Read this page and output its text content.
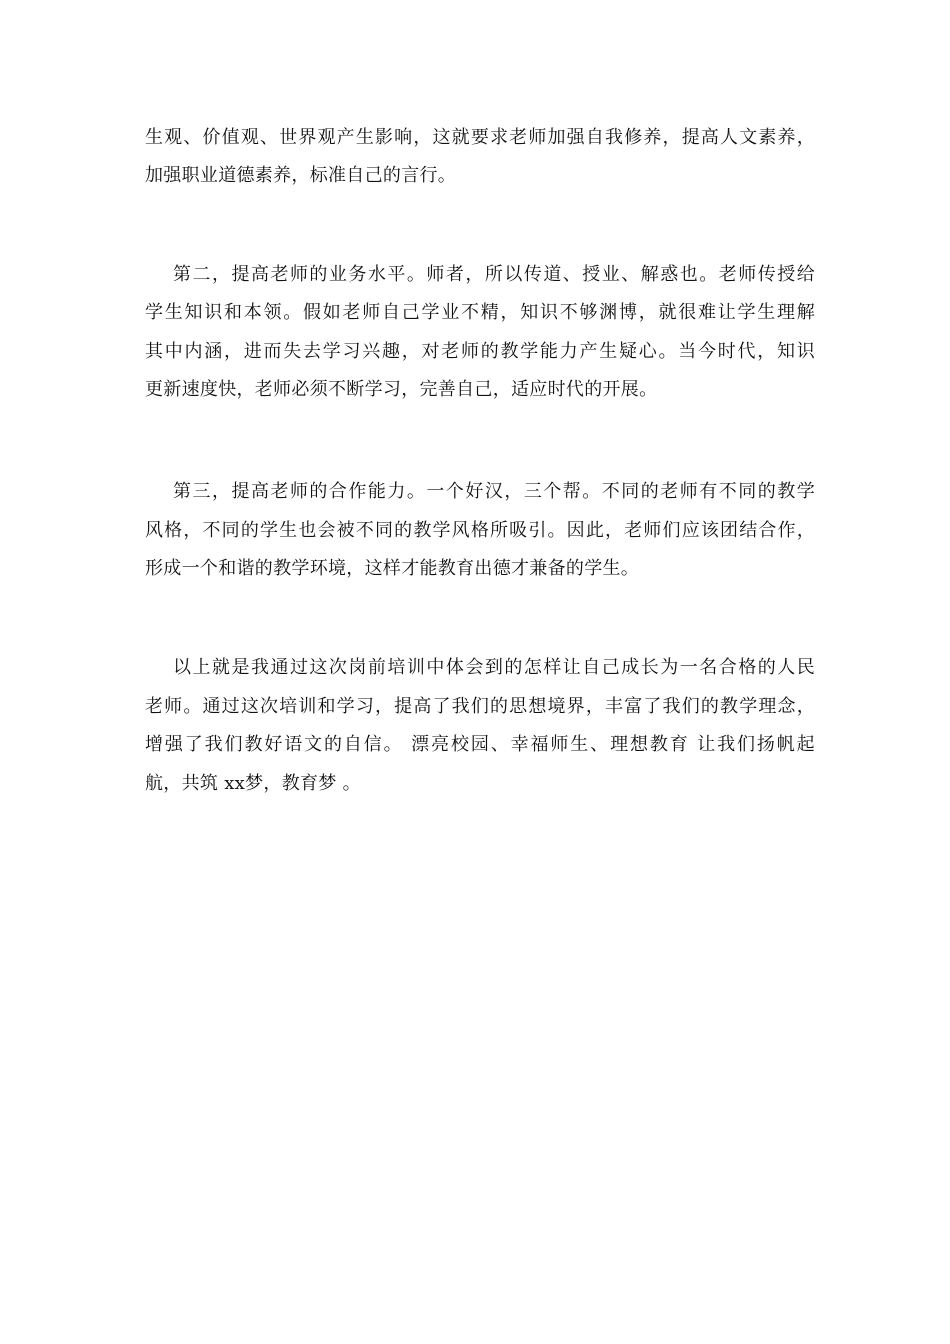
生观、价值观、世界观产生影响，这就要求老师加强自我修养，提高人文素养，
加强职业道德素养，标准自己的言行。
第二，提高老师的业务水平。师者，所以传道、授业、解惑也。老师传授给
学生知识和本领。假如老师自己学业不精，知识不够渊博，就很难让学生理解
其中内涵，进而失去学习兴趣，对老师的教学能力产生疑心。当今时代，知识
更新速度快，老师必须不断学习，完善自己，适应时代的开展。
第三，提高老师的合作能力。一个好汉，三个帮。不同的老师有不同的教学
风格，不同的学生也会被不同的教学风格所吸引。因此，老师们应该团结合作，
形成一个和谐的教学环境，这样才能教育出德才兼备的学生。
以上就是我通过这次岗前培训中体会到的怎样让自己成长为一名合格的人民
老师。通过这次培训和学习，提高了我们的思想境界，丰富了我们的教学理念，
增强了我们教好语文的自信。 漂亮校园、幸福师生、理想教育 让我们扬帆起
航，共筑 xx梦，教育梦 。
